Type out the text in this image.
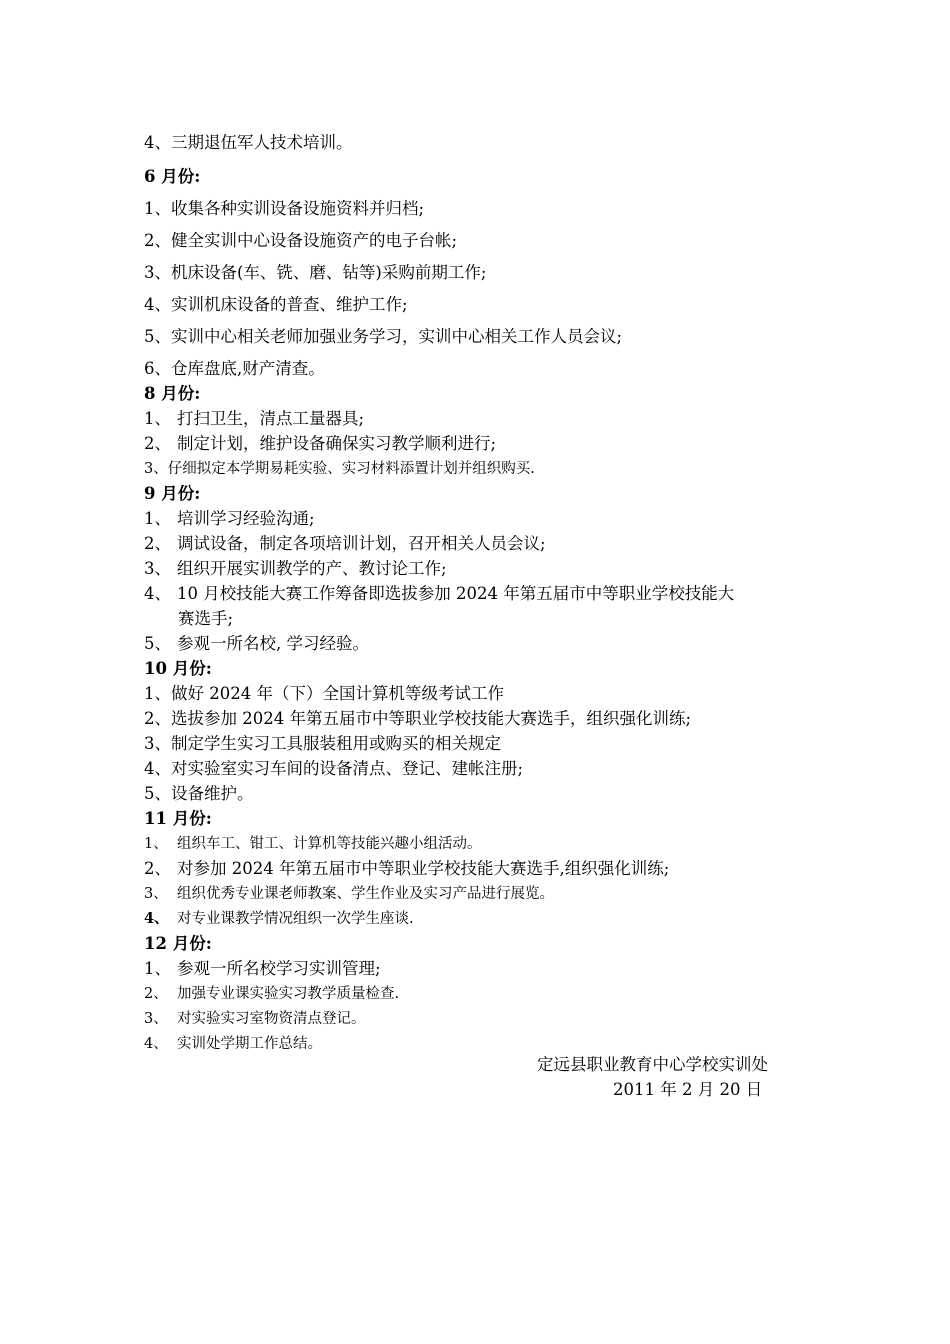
4、三期退伍军人技术培训。
6 月份:
1、收集各种实训设备设施资料并归档;
2、健全实训中心设备设施资产的电子台帐;
3、机床设备(车、铣、磨、钻等)采购前期工作;
4、实训机床设备的普查、维护工作;
5、实训中心相关老师加强业务学习，实训中心相关工作人员会议;
6、仓库盘底,财产清查。
8 月份:
1、 打扫卫生，清点工量器具;
2、 制定计划，维护设备确保实习教学顺利进行;
3、仔细拟定本学期易耗实验、实习材料添置计划并组织购买.
9 月份:
1、 培训学习经验沟通;
2、 调试设备，制定各项培训计划，召开相关人员会议;
3、 组织开展实训教学的产、教讨论工作;
4、 10 月校技能大赛工作筹备即选拔参加 2024 年第五届市中等职业学校技能大
赛选手;
5、 参观一所名校, 学习经验。
10 月份:
1、做好 2024 年（下）全国计算机等级考试工作
2、选拔参加 2024 年第五届市中等职业学校技能大赛选手，组织强化训练;
3、制定学生实习工具服装租用或购买的相关规定
4、对实验室实习车间的设备清点、登记、建帐注册;
5、设备维护。
11 月份:
1、 组织车工、钳工、计算机等技能兴趣小组活动。
2、 对参加 2024 年第五届市中等职业学校技能大赛选手,组织强化训练;
3、 组织优秀专业课老师教案、学生作业及实习产品进行展览。
4、 对专业课教学情况组织一次学生座谈.
12 月份:
1、 参观一所名校学习实训管理;
2、 加强专业课实验实习教学质量检查.
3、 对实验实习室物资清点登记。
4、 实训处学期工作总结。
定远县职业教育中心学校实训处
2011 年 2 月 20 日
